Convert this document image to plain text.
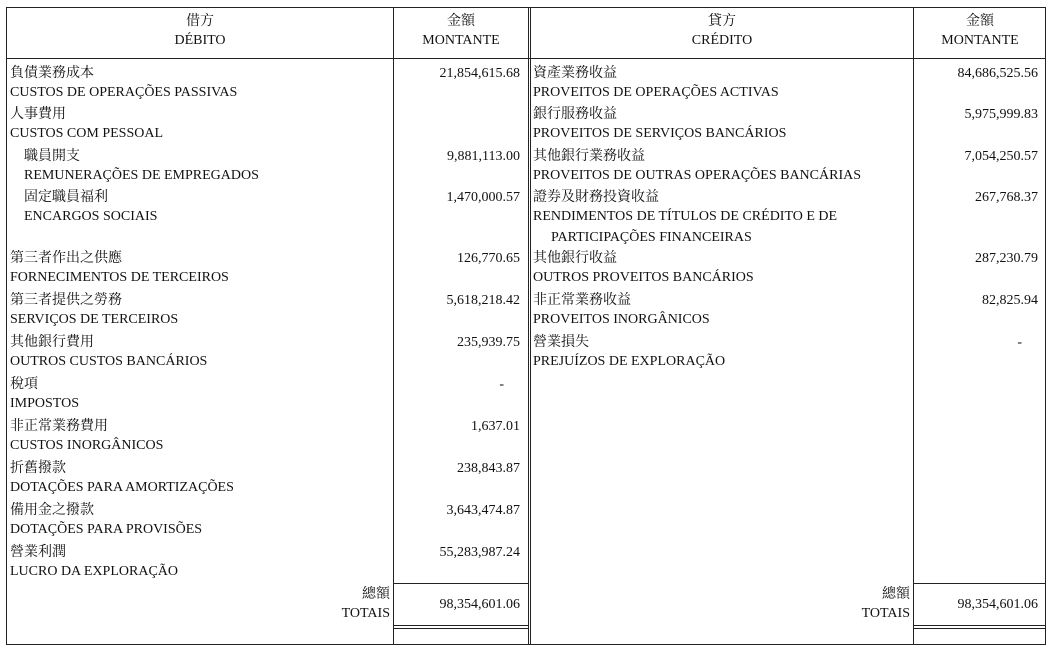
借方
DÉBITO
金額
MONTANTE
貸方
CRÉDITO
金額
MONTANTE
負債業務成本
CUSTOS DE OPERAÇÕES PASSIVAS
21,854,615.68
人事費用
CUSTOS COM PESSOAL
職員開支
REMUNERAÇÕES DE EMPREGADOS
9,881,113.00
固定職員福利
ENCARGOS SOCIAIS
1,470,000.57
第三者作出之供應
FORNECIMENTOS DE TERCEIROS
126,770.65
第三者提供之勞務
SERVIÇOS DE TERCEIROS
5,618,218.42
其他銀行費用
OUTROS CUSTOS BANCÁRIOS
235,939.75
稅項
IMPOSTOS
-
非正常業務費用
CUSTOS INORGÂNICOS
1,637.01
折舊撥款
DOTAÇÕES PARA AMORTIZAÇÕES
238,843.87
備用金之撥款
DOTAÇÕES PARA PROVISÕES
3,643,474.87
營業利潤
LUCRO DA EXPLORAÇÃO
55,283,987.24
資產業務收益
PROVEITOS DE OPERAÇÕES ACTIVAS
84,686,525.56
銀行服務收益
PROVEITOS DE SERVIÇOS BANCÁRIOS
5,975,999.83
其他銀行業務收益
PROVEITOS DE OUTRAS OPERAÇÕES BANCÁRIAS
7,054,250.57
證券及財務投資收益
RENDIMENTOS DE TÍTULOS DE CRÉDITO E DE
PARTICIPAÇÕES FINANCEIRAS
267,768.37
其他銀行收益
OUTROS PROVEITOS BANCÁRIOS
287,230.79
非正常業務收益
PROVEITOS INORGÂNICOS
82,825.94
營業損失
PREJUÍZOS DE EXPLORAÇÃO
-
總額
TOTAIS
98,354,601.06
總額
TOTAIS
98,354,601.06
